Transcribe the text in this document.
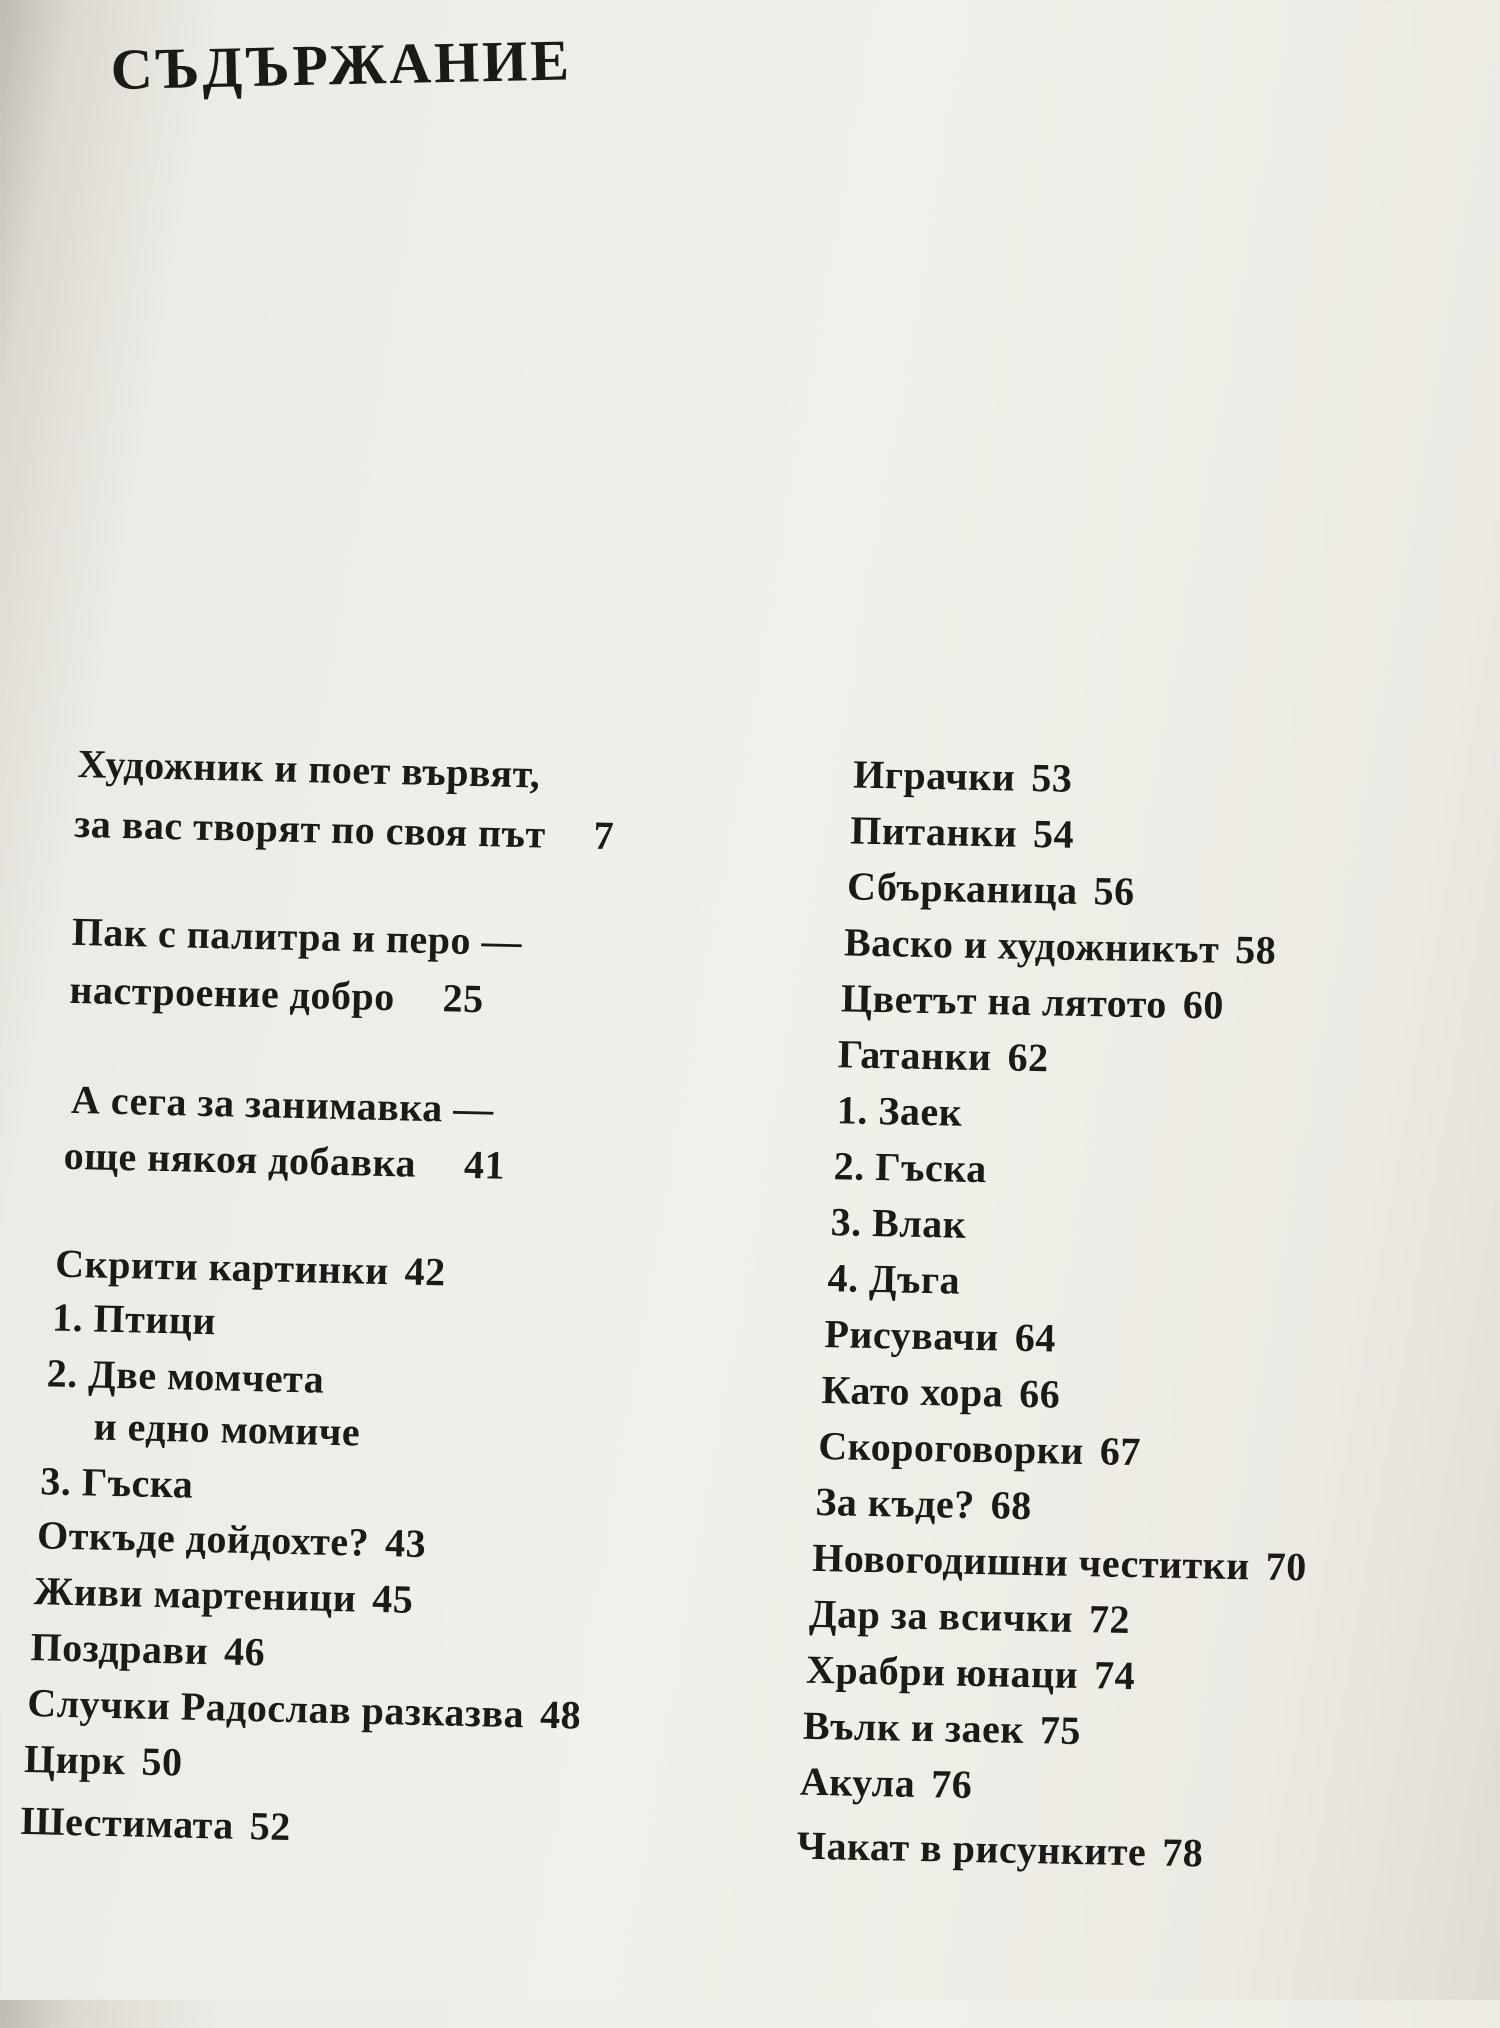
СЪДЪРЖАНИЕ
Художник и поет вървят,
за вас творят по своя път 7
Пак с палитра и перо —
настроение добро 25
А сега за занимавка —
още някоя добавка 41
Скрити картинки 42
1. Птици
2. Две момчета
и едно момиче
3. Гъска
Откъде дойдохте? 43
Живи мартеници 45
Поздрави 46
Случки Радослав разказва 48
Цирк 50
Шестимата 52
Играчки 53
Питанки 54
Сбърканица 56
Васко и художникът 58
Цветът на лятото 60
Гатанки 62
1. Заек
2. Гъска
3. Влак
4. Дъга
Рисувачи 64
Като хора 66
Скороговорки 67
За къде? 68
Новогодишни честитки 70
Дар за всички 72
Храбри юнаци 74
Вълк и заек 75
Акула 76
Чакат в рисунките 78
